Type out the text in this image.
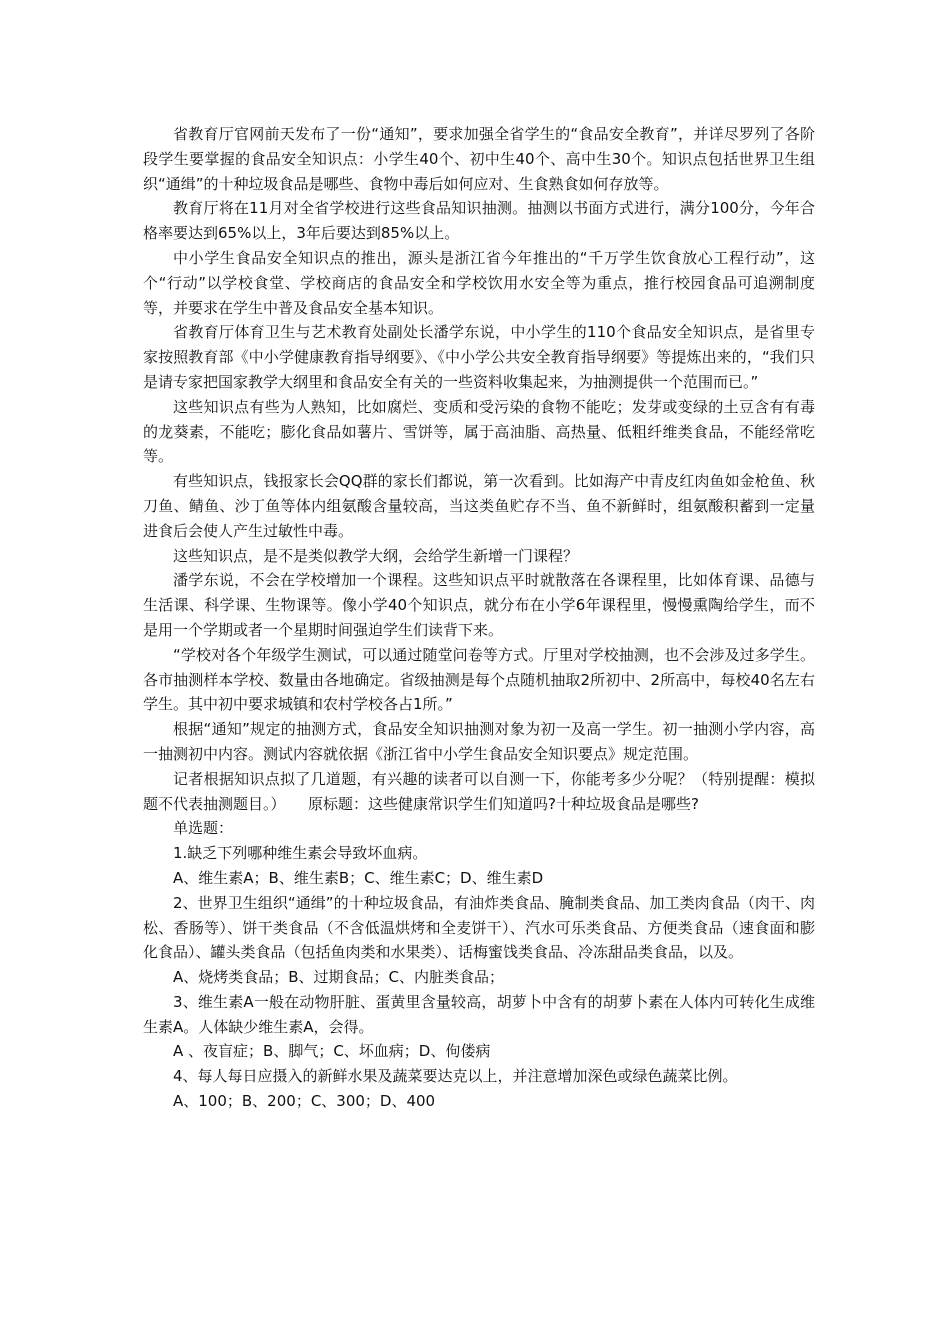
省教育厅官网前天发布了一份“通知”，要求加强全省学生的“食品安全教育”，并详尽罗列了各阶段学生要掌握的食品安全知识点：小学生40个、初中生40个、高中生30个。知识点包括世界卫生组织“通缉”的十种垃圾食品是哪些、食物中毒后如何应对、生食熟食如何存放等。

教育厅将在11月对全省学校进行这些食品知识抽测。抽测以书面方式进行，满分100分，今年合格率要达到65%以上，3年后要达到85%以上。

中小学生食品安全知识点的推出，源头是浙江省今年推出的“千万学生饮食放心工程行动”，这个“行动”以学校食堂、学校商店的食品安全和学校饮用水安全等为重点，推行校园食品可追溯制度等，并要求在学生中普及食品安全基本知识。

省教育厅体育卫生与艺术教育处副处长潘学东说，中小学生的110个食品安全知识点，是省里专家按照教育部《中小学健康教育指导纲要》、《中小学公共安全教育指导纲要》等提炼出来的，“我们只是请专家把国家教学大纲里和食品安全有关的一些资料收集起来，为抽测提供一个范围而已。”

这些知识点有些为人熟知，比如腐烂、变质和受污染的食物不能吃；发芽或变绿的土豆含有有毒的龙葵素，不能吃；膨化食品如薯片、雪饼等，属于高油脂、高热量、低粗纤维类食品，不能经常吃等。

有些知识点，钱报家长会QQ群的家长们都说，第一次看到。比如海产中青皮红肉鱼如金枪鱼、秋刀鱼、鲭鱼、沙丁鱼等体内组氨酸含量较高，当这类鱼贮存不当、鱼不新鲜时，组氨酸积蓄到一定量进食后会使人产生过敏性中毒。

这些知识点，是不是类似教学大纲，会给学生新增一门课程？

潘学东说，不会在学校增加一个课程。这些知识点平时就散落在各课程里，比如体育课、品德与生活课、科学课、生物课等。像小学40个知识点，就分布在小学6年课程里，慢慢熏陶给学生，而不是用一个学期或者一个星期时间强迫学生们读背下来。

“学校对各个年级学生测试，可以通过随堂问卷等方式。厅里对学校抽测，也不会涉及过多学生。各市抽测样本学校、数量由各地确定。省级抽测是每个点随机抽取2所初中、2所高中，每校40名左右学生。其中初中要求城镇和农村学校各占1所。”

根据“通知”规定的抽测方式，食品安全知识抽测对象为初一及高一学生。初一抽测小学内容，高一抽测初中内容。测试内容就依据《浙江省中小学生食品安全知识要点》规定范围。

记者根据知识点拟了几道题，有兴趣的读者可以自测一下，你能考多少分呢？（特别提醒：模拟题不代表抽测题目。）　　原标题：这些健康常识学生们知道吗?十种垃圾食品是哪些?

单选题：

1.缺乏下列哪种维生素会导致坏血病。

A、维生素A；B、维生素B；C、维生素C；D、维生素D

2、世界卫生组织“通缉”的十种垃圾食品，有油炸类食品、腌制类食品、加工类肉食品（肉干、肉松、香肠等）、饼干类食品（不含低温烘烤和全麦饼干）、汽水可乐类食品、方便类食品（速食面和膨化食品）、罐头类食品（包括鱼肉类和水果类）、话梅蜜饯类食品、冷冻甜品类食品，以及。

A、烧烤类食品；B、过期食品；C、内脏类食品；

3、维生素A一般在动物肝脏、蛋黄里含量较高，胡萝卜中含有的胡萝卜素在人体内可转化生成维生素A。人体缺少维生素A，会得。

A 、夜盲症；B、脚气；C、坏血病；D、佝偻病

4、每人每日应摄入的新鲜水果及蔬菜要达克以上，并注意增加深色或绿色蔬菜比例。

A、100；B、200；C、300；D、400
